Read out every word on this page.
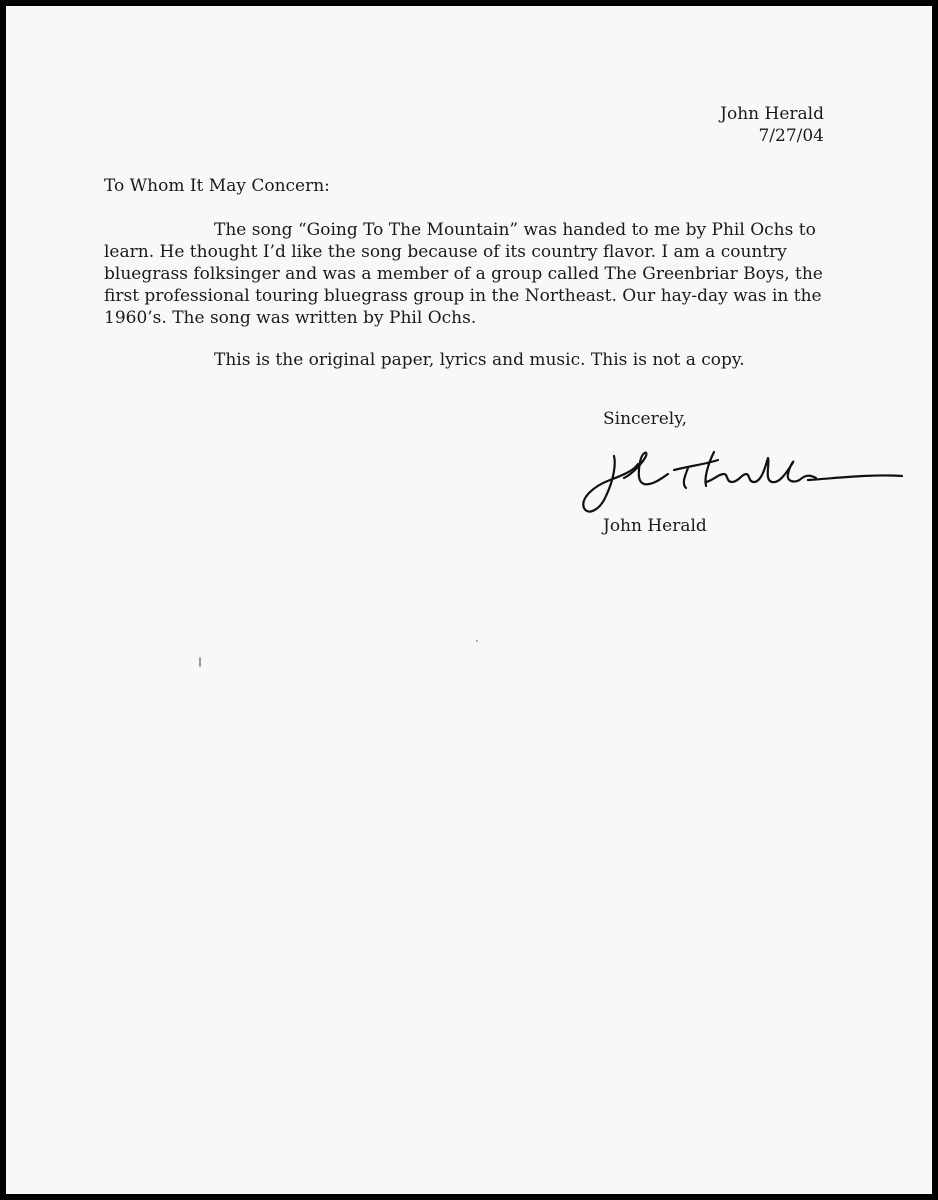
John Herald
7/27/04
To Whom It May Concern:
The song “Going To The Mountain” was handed to me by Phil Ochs to
learn. He thought I’d like the song because of its country flavor. I am a country
bluegrass folksinger and was a member of a group called The Greenbriar Boys, the
first professional touring bluegrass group in the Northeast. Our hay-day was in the
1960’s. The song was written by Phil Ochs.
This is the original paper, lyrics and music. This is not a copy.
Sincerely,
John Herald
